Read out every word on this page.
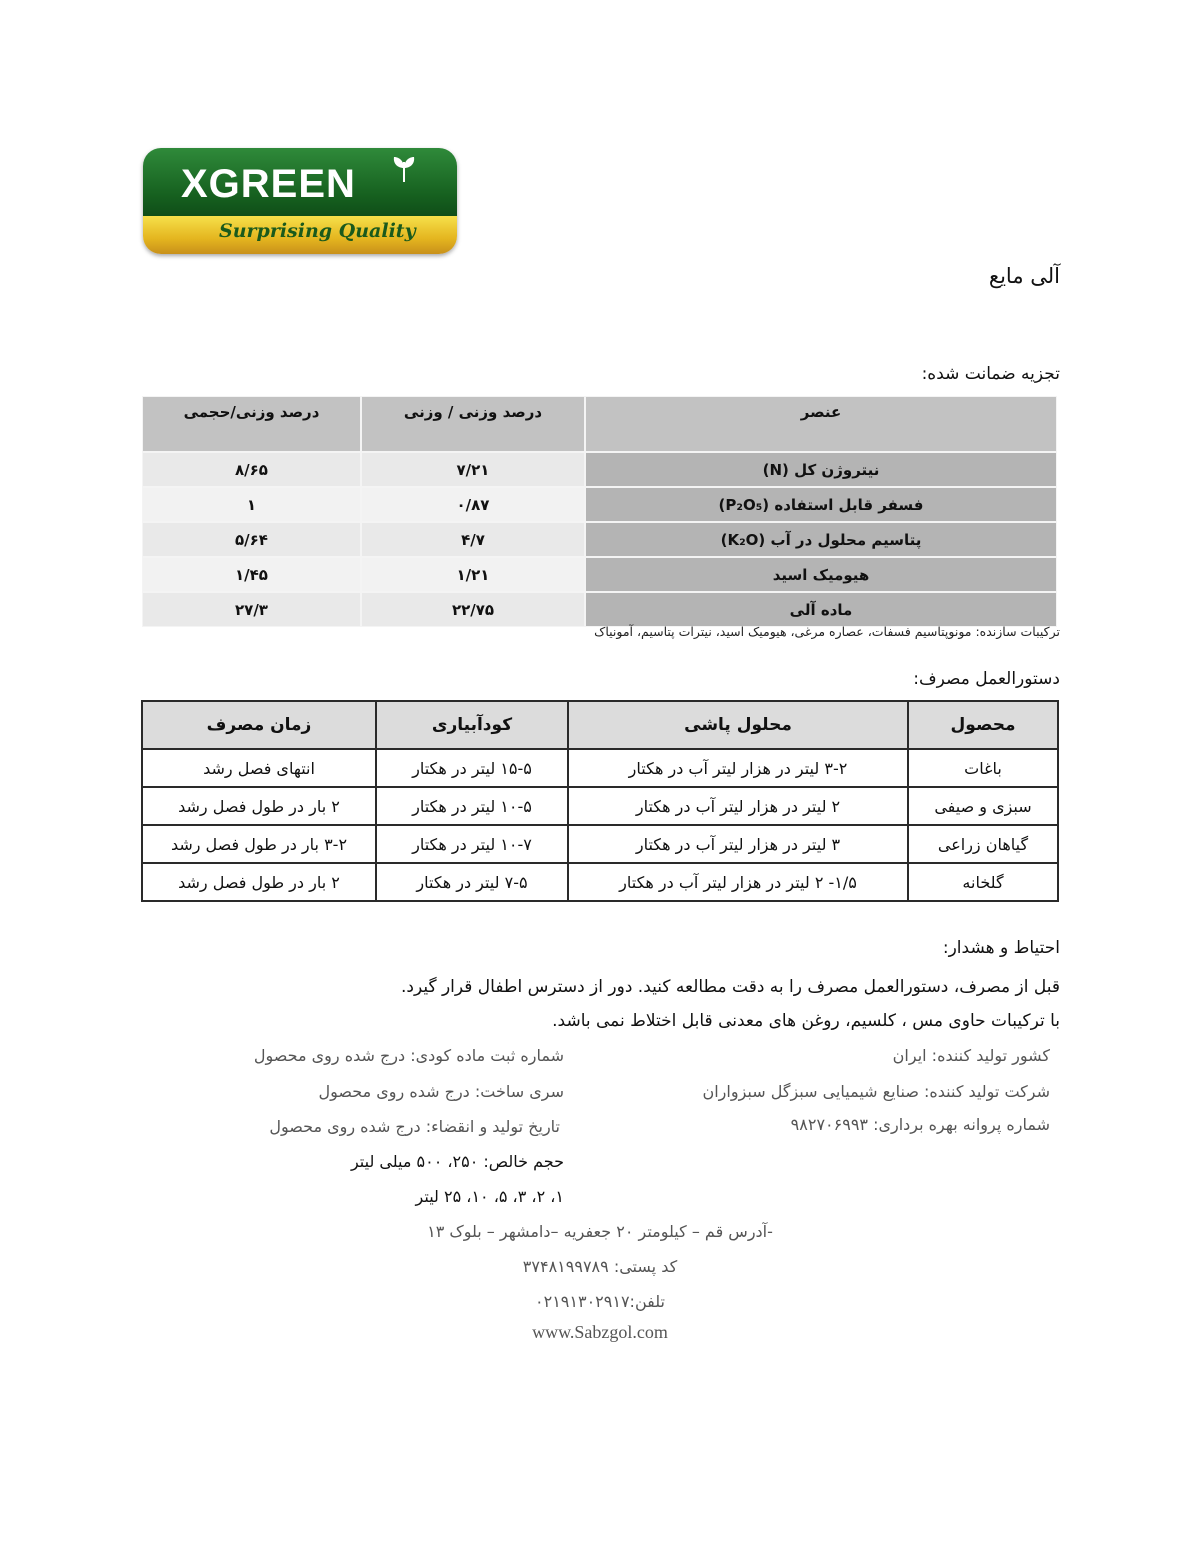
XGREEN
Surprising Quality
آلی مایع
تجزیه ضمانت شده:
عنصر	درصد وزنی / وزنی	درصد وزنی/حجمی
نیتروژن کل (N)	۷/۲۱	۸/۶۵
فسفر قابل استفاده (P₂O₅)	۰/۸۷	۱
پتاسیم محلول در آب (K₂O)	۴/۷	۵/۶۴
هیومیک اسید	۱/۲۱	۱/۴۵
ماده آلی	۲۲/۷۵	۲۷/۳
ترکیبات سازنده: مونوپتاسیم فسفات، عصاره مرغی، هیومیک اسید، نیترات پتاسیم، آمونیاک
دستورالعمل مصرف:
محصول	محلول پاشی	کودآبیاری	زمان مصرف
باغات	۳-۲ لیتر در هزار لیتر آب در هکتار	۱۵-۵ لیتر در هکتار	انتهای فصل رشد
سبزی و صیفی	۲ لیتر در هزار لیتر آب در هکتار	۱۰-۵ لیتر در هکتار	۲ بار در طول فصل رشد
گیاهان زراعی	۳ لیتر در هزار لیتر آب در هکتار	۱۰-۷ لیتر در هکتار	۳-۲ بار در طول فصل رشد
گلخانه	۱/۵- ۲ لیتر در هزار لیتر آب در هکتار	۷-۵ لیتر در هکتار	۲ بار در طول فصل رشد
احتیاط و هشدار:
قبل از مصرف، دستورالعمل مصرف را به دقت مطالعه کنید. دور از دسترس اطفال قرار گیرد.
با ترکیبات حاوی مس ، کلسیم، روغن های معدنی قابل اختلاط نمی باشد.
کشور تولید کننده: ایران
شرکت تولید کننده: صنایع شیمیایی سبزگل سبزواران
شماره پروانه بهره برداری: ۹۸۲۷۰۶۹۹۳
شماره ثبت ماده کودی: درج شده روی محصول
سری ساخت: درج شده روی محصول
تاریخ تولید و انقضاء: درج شده روی محصول
حجم خالص: ۲۵۰، ۵۰۰ میلی لیتر
۱، ۲، ۳، ۵، ۱۰، ۲۵ لیتر
-آدرس قم – کیلومتر ۲۰ جعفریه –دامشهر – بلوک ۱۳
کد پستی: ۳۷۴۸۱۹۹۷۸۹
تلفن:۰۲۱۹۱۳۰۲۹۱۷
www.Sabzgol.com
